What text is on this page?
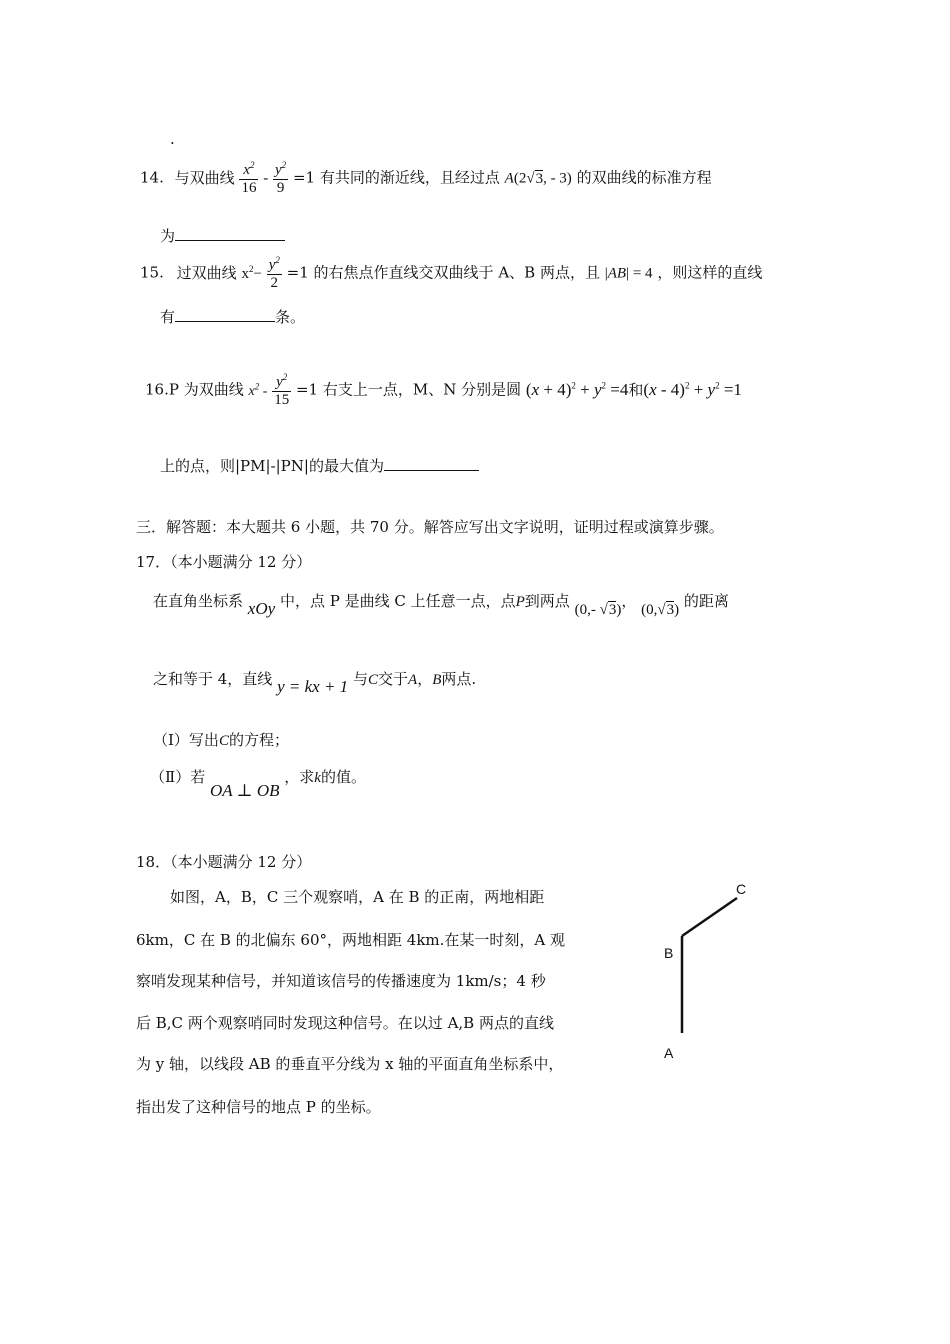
.
14. 与双曲线 $\frac{x^2}{16} - \frac{y^2}{9} =1$ 有共同的渐近线，且经过点 A(2√3, - 3) 的双曲线的标准方程
为
15. 过双曲线 $x^2- \frac{y^2}{2} =1$ 的右焦点作直线交双曲线于 A、B 两点，且 |AB| = 4 ，则这样的直线
有	条。
16.P 为双曲线 $x^2 - \frac{y^2}{15} =1$ 右支上一点，M、N 分别是圆 $(x + 4)^2 + y^2 =4$和$(x - 4)^2 + y^2 =1$
上的点，则|PM|-|PN|的最大值为
三．解答题：本大题共 6 小题，共 70 分。解答应写出文字说明，证明过程或演算步骤。
17．（本小题满分 12 分）
在直角坐标系 xOy 中，点 P 是曲线 C 上任意一点，点P到两点 (0,- √3)， (0,√3) 的距离
之和等于 4，直线 y = kx + 1 与C交于A，B两点.
（Ⅰ）写出C的方程；
（Ⅱ）若 OA ⊥ OB ，求k的值。
18．（本小题满分 12 分）
如图，A，B，C 三个观察哨，A 在 B 的正南，两地相距
6km，C 在 B 的北偏东 60°，两地相距 4km.在某一时刻，A 观
察哨发现某种信号，并知道该信号的传播速度为 1km/s；4 秒
后 B,C 两个观察哨同时发现这种信号。在以过 A,B 两点的直线
为 y 轴，以线段 AB 的垂直平分线为 x 轴的平面直角坐标系中，
指出发了这种信号的地点 P 的坐标。
C
B
A
